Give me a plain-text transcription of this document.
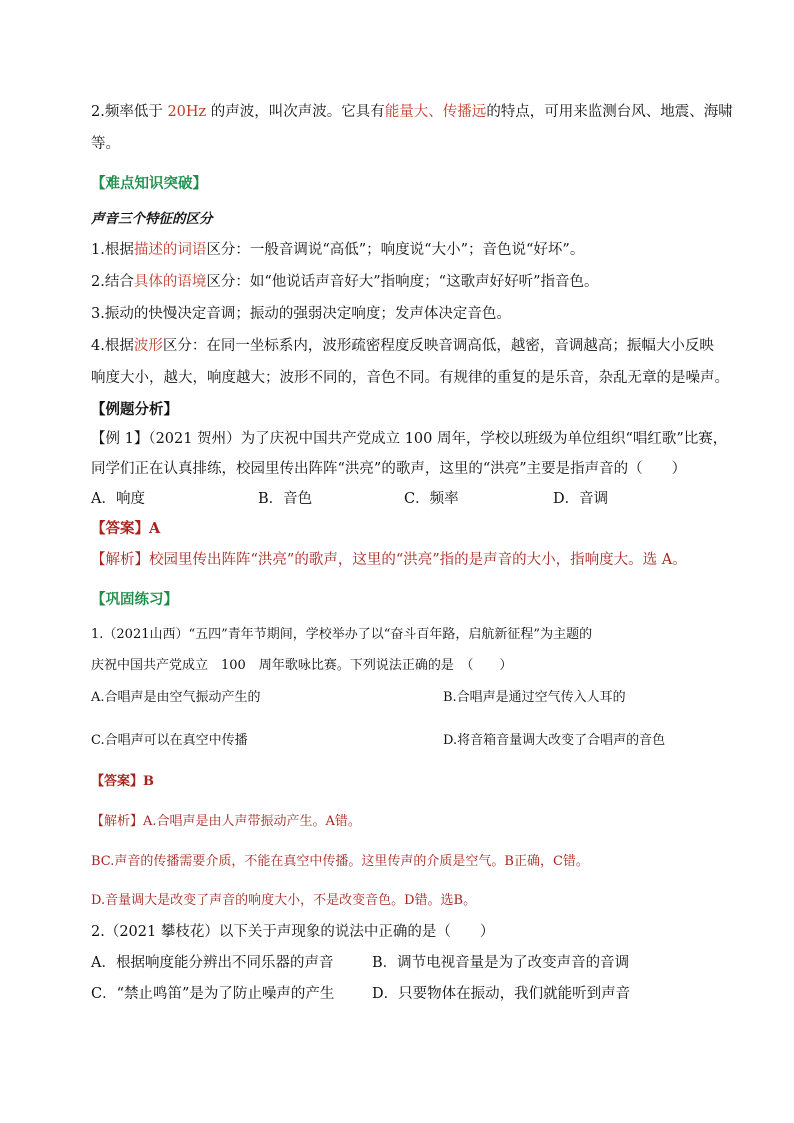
2.频率低于 20Hz 的声波，叫次声波。它具有能量大、传播远的特点，可用来监测台风、地震、海啸
等。
【难点知识突破】
声音三个特征的区分
1.根据描述的词语区分：一般音调说“高低”；响度说“大小”；音色说“好坏”。
2.结合具体的语境区分：如“他说话声音好大”指响度；“这歌声好好听”指音色。
3.振动的快慢决定音调；振动的强弱决定响度；发声体决定音色。
4.根据波形区分：在同一坐标系内，波形疏密程度反映音调高低，越密，音调越高；振幅大小反映
响度大小，越大，响度越大；波形不同的，音色不同。有规律的重复的是乐音，杂乱无章的是噪声。
【例题分析】
【例 1】（2021 贺州）为了庆祝中国共产党成立 100 周年，学校以班级为单位组织“唱红歌”比赛，
同学们正在认真排练，校园里传出阵阵“洪亮”的歌声，这里的“洪亮”主要是指声音的（　　）
A．响度	B．音色	C．频率	D．音调
【答案】A
【解析】校园里传出阵阵“洪亮”的歌声，这里的“洪亮”指的是声音的大小，指响度大。选 A。
【巩固练习】
1.（2021山西）“五四”青年节期间，学校举办了以“奋斗百年路，启航新征程”为主题的
庆祝中国共产党成立　100　周年歌咏比赛。下列说法正确的是　（　　）
A.合唱声是由空气振动产生的	B.合唱声是通过空气传入人耳的
C.合唱声可以在真空中传播	D.将音箱音量调大改变了合唱声的音色
【答案】B
【解析】A.合唱声是由人声带振动产生。A错。
BC.声音的传播需要介质，不能在真空中传播。这里传声的介质是空气。B正确，C错。
D.音量调大是改变了声音的响度大小，不是改变音色。D错。选B。
2.（2021 攀枝花）以下关于声现象的说法中正确的是（　　）
A．根据响度能分辨出不同乐器的声音	B．调节电视音量是为了改变声音的音调
C．“禁止鸣笛”是为了防止噪声的产生	D．只要物体在振动，我们就能听到声音
